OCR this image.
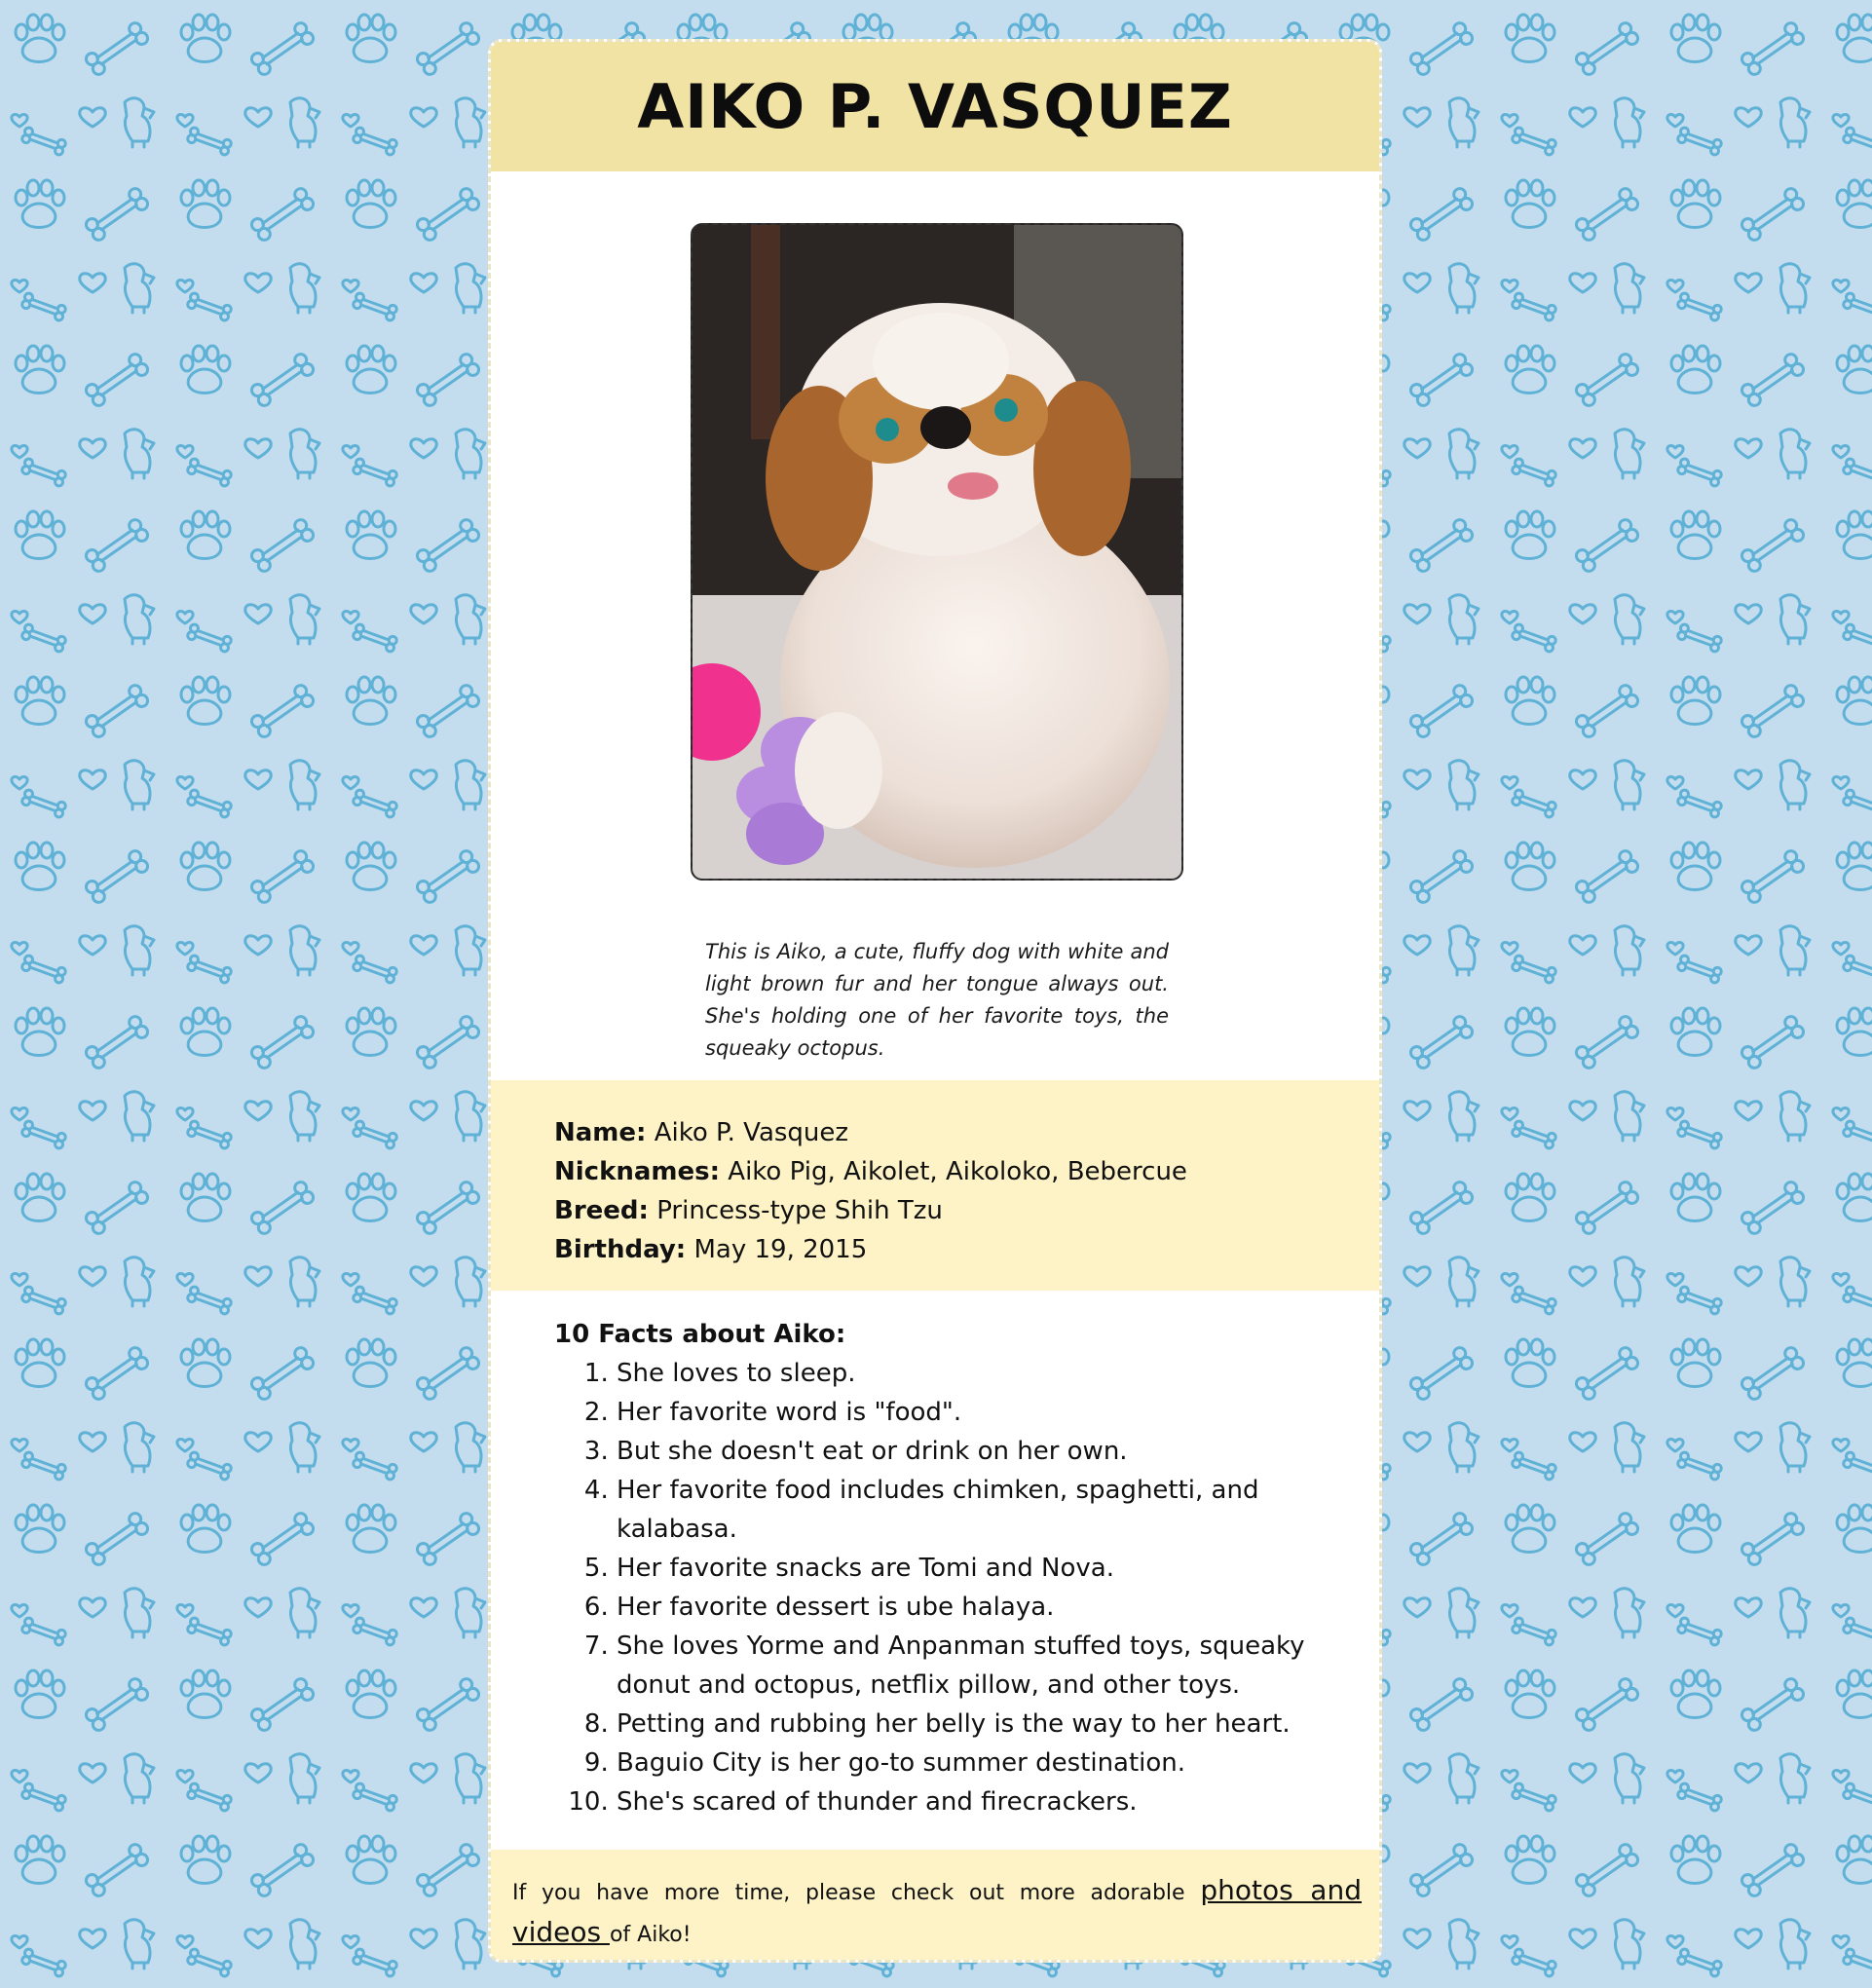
AIKO P. VASQUEZ
This is Aiko, a cute, fluffy dog with white and light brown fur and her tongue always out. She's holding one of her favorite toys, the squeaky octopus.
Name: Aiko P. Vasquez
Nicknames: Aiko Pig, Aikolet, Aikoloko, Bebercue
Breed: Princess-type Shih Tzu
Birthday: May 19, 2015
10 Facts about Aiko:
1. She loves to sleep.
2. Her favorite word is "food".
3. But she doesn't eat or drink on her own.
4. Her favorite food includes chimken, spaghetti, and kalabasa.
5. Her favorite snacks are Tomi and Nova.
6. Her favorite dessert is ube halaya.
7. She loves Yorme and Anpanman stuffed toys, squeaky donut and octopus, netflix pillow, and other toys.
8. Petting and rubbing her belly is the way to her heart.
9. Baguio City is her go-to summer destination.
10. She's scared of thunder and firecrackers.
If you have more time, please check out more adorable photos and videos of Aiko!
